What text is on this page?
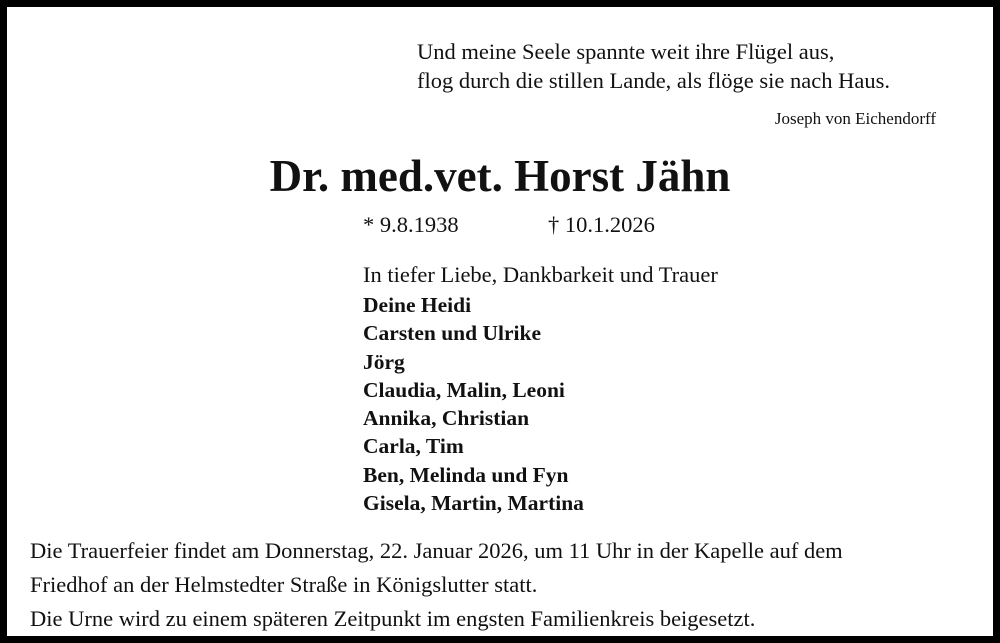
Und meine Seele spannte weit ihre Flügel aus,
flog durch die stillen Lande, als flöge sie nach Haus.
Joseph von Eichendorff
Dr. med.vet. Horst Jähn
* 9.8.1938	† 10.1.2026
In tiefer Liebe, Dankbarkeit und Trauer
Deine Heidi
Carsten und Ulrike
Jörg
Claudia, Malin, Leoni
Annika, Christian
Carla, Tim
Ben, Melinda und Fyn
Gisela, Martin, Martina

Die Trauerfeier findet am Donnerstag, 22. Januar 2026, um 11 Uhr in der Kapelle auf dem

Friedhof an der Helmstedter Straße in Königslutter statt.

Die Urne wird zu einem späteren Zeitpunkt im engsten Familienkreis beigesetzt.
